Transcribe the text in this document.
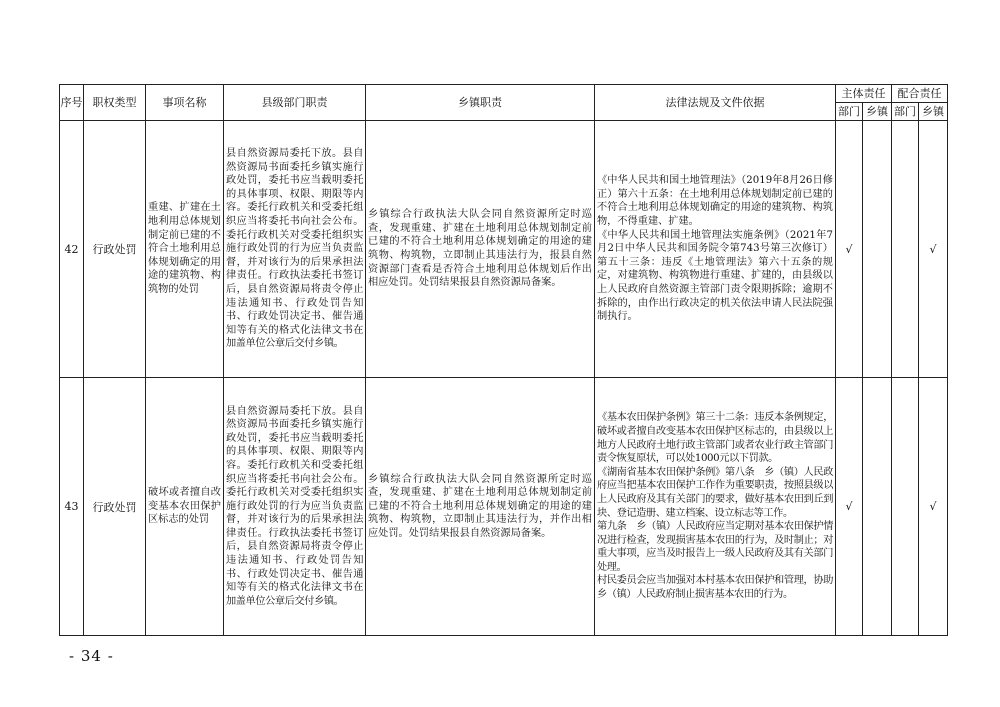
序号	职权类型	事项名称	县级部门职责	乡镇职责	法律法规及文件依据	主体责任		配合责任	
						部门	乡镇	部门	乡镇
42	行政处罚	重建、扩建在土地利用总体规划制定前已建的不符合土地利用总体规划确定的用途的建筑物、构筑物的处罚	县自然资源局委托下放。县自然资源局书面委托乡镇实施行政处罚，委托书应当载明委托的具体事项、权限、期限等内容。委托行政机关和受委托组织应当将委托书向社会公布。委托行政机关对受委托组织实施行政处罚的行为应当负责监督，并对该行为的后果承担法律责任。行政执法委托书签订后，县自然资源局将责令停止违法通知书、行政处罚告知书、行政处罚决定书、催告通知等有关的格式化法律文书在加盖单位公章后交付乡镇。	乡镇综合行政执法大队会同自然资源所定时巡查，发现重建、扩建在土地利用总体规划制定前已建的不符合土地利用总体规划确定的用途的建筑物、构筑物，立即制止其违法行为，报县自然资源部门查看是否符合土地利用总体规划后作出相应处罚。处罚结果报县自然资源局备案。	《中华人民共和国土地管理法》（2019年8月26日修正）第六十五条：在土地利用总体规划制定前已建的不符合土地利用总体规划确定的用途的建筑物、构筑物，不得重建、扩建。
《中华人民共和国土地管理法实施条例》（2021年7月2日中华人民共和国务院令第743号第三次修订）第五十三条：违反《土地管理法》第六十五条的规定，对建筑物、构筑物进行重建、扩建的，由县级以上人民政府自然资源主管部门责令限期拆除；逾期不拆除的，由作出行政决定的机关依法申请人民法院强制执行。	√			√
43	行政处罚	破坏或者擅自改变基本农田保护区标志的处罚	县自然资源局委托下放。县自然资源局书面委托乡镇实施行政处罚，委托书应当载明委托的具体事项、权限、期限等内容。委托行政机关和受委托组织应当将委托书向社会公布。委托行政机关对受委托组织实施行政处罚的行为应当负责监督，并对该行为的后果承担法律责任。行政执法委托书签订后，县自然资源局将责令停止违法通知书、行政处罚告知书、行政处罚决定书、催告通知等有关的格式化法律文书在加盖单位公章后交付乡镇。	乡镇综合行政执法大队会同自然资源所定时巡查，发现重建、扩建在土地利用总体规划制定前已建的不符合土地利用总体规划确定的用途的建筑物、构筑物，立即制止其违法行为，并作出相应处罚。处罚结果报县自然资源局备案。	《基本农田保护条例》第三十二条：违反本条例规定，破坏或者擅自改变基本农田保护区标志的，由县级以上地方人民政府土地行政主管部门或者农业行政主管部门责令恢复原状，可以处1000元以下罚款。
《湖南省基本农田保护条例》第八条　乡（镇）人民政府应当把基本农田保护工作作为重要职责，按照县级以上人民政府及其有关部门的要求，做好基本农田到丘到块、登记造册、建立档案、设立标志等工作。
第九条　乡（镇）人民政府应当定期对基本农田保护情况进行检查，发现损害基本农田的行为，及时制止；对重大事项，应当及时报告上一级人民政府及其有关部门处理。
村民委员会应当加强对本村基本农田保护和管理，协助乡（镇）人民政府制止损害基本农田的行为。	√			√
- 34 -
